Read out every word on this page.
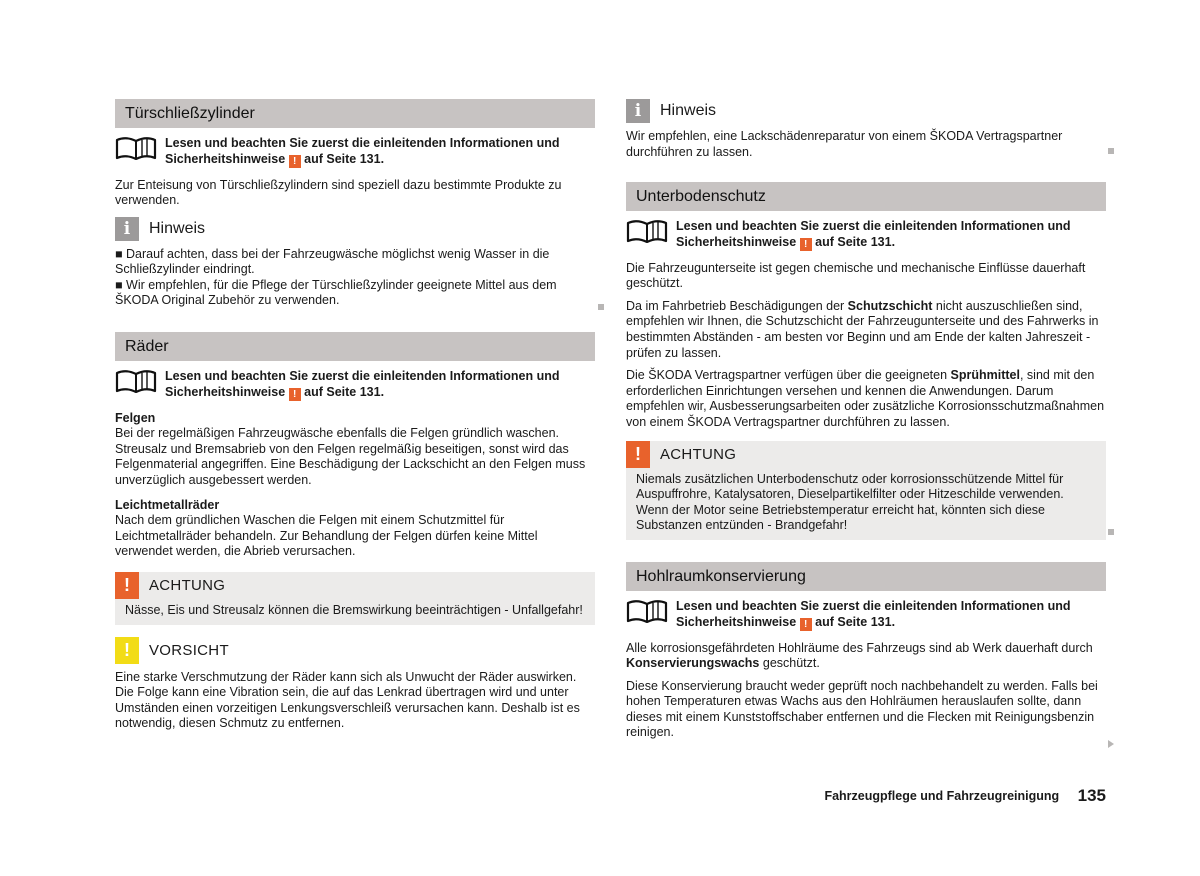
Türschließzylinder
Lesen und beachten Sie zuerst die einleitenden Informationen und
Sicherheitshinweise ! auf Seite 131.

Zur Enteisung von Türschließzylindern sind speziell dazu bestimmte Produkte zu verwenden.

i	Hinweis

■ Darauf achten, dass bei der Fahrzeugwäsche möglichst wenig Wasser in die Schließzylinder eindringt.

■ Wir empfehlen, für die Pflege der Türschließzylinder geeignete Mittel aus dem ŠKODA Original Zubehör zu verwenden.

Räder
Lesen und beachten Sie zuerst die einleitenden Informationen und
Sicherheitshinweise ! auf Seite 131.
Felgen

Bei der regelmäßigen Fahrzeugwäsche ebenfalls die Felgen gründlich waschen. Streusalz und Bremsabrieb von den Felgen regelmäßig beseitigen, sonst wird das Felgenmaterial angegriffen. Eine Beschädigung der Lackschicht an den Felgen muss unverzüglich ausgebessert werden.

Leichtmetallräder

Nach dem gründlichen Waschen die Felgen mit einem Schutzmittel für Leichtmetallräder behandeln. Zur Behandlung der Felgen dürfen keine Mittel verwendet werden, die Abrieb verursachen.

!	ACHTUNG
Nässe, Eis und Streusalz können die Bremswirkung beeinträchtigen - Unfallgefahr!
!	VORSICHT

Eine starke Verschmutzung der Räder kann sich als Unwucht der Räder auswirken. Die Folge kann eine Vibration sein, die auf das Lenkrad übertragen wird und unter Umständen einen vorzeitigen Lenkungsverschleiß verursachen kann. Deshalb ist es notwendig, diesen Schmutz zu entfernen.

i	Hinweis

Wir empfehlen, eine Lackschädenreparatur von einem ŠKODA Vertragspartner durchführen zu lassen.

Unterbodenschutz
Lesen und beachten Sie zuerst die einleitenden Informationen und
Sicherheitshinweise ! auf Seite 131.

Die Fahrzeugunterseite ist gegen chemische und mechanische Einflüsse dauerhaft geschützt.

Da im Fahrbetrieb Beschädigungen der Schutzschicht nicht auszuschließen sind, empfehlen wir Ihnen, die Schutzschicht der Fahrzeugunterseite und des Fahrwerks in bestimmten Abständen - am besten vor Beginn und am Ende der kalten Jahreszeit - prüfen zu lassen.

Die ŠKODA Vertragspartner verfügen über die geeigneten Sprühmittel, sind mit den erforderlichen Einrichtungen versehen und kennen die Anwendungen. Darum empfehlen wir, Ausbesserungsarbeiten oder zusätzliche Korrosionsschutzmaßnahmen von einem ŠKODA Vertragspartner durchführen zu lassen.

!	ACHTUNG
Niemals zusätzlichen Unterbodenschutz oder korrosionsschützende Mittel für Auspuffrohre, Katalysatoren, Dieselpartikelfilter oder Hitzeschilde verwenden. Wenn der Motor seine Betriebstemperatur erreicht hat, könnten sich diese Substanzen entzünden - Brandgefahr!
Hohlraumkonservierung
Lesen und beachten Sie zuerst die einleitenden Informationen und
Sicherheitshinweise ! auf Seite 131.

Alle korrosionsgefährdeten Hohlräume des Fahrzeugs sind ab Werk dauerhaft durch Konservierungswachs geschützt.

Diese Konservierung braucht weder geprüft noch nachbehandelt zu werden. Falls bei hohen Temperaturen etwas Wachs aus den Hohlräumen herauslaufen sollte, dann dieses mit einem Kunststoffschaber entfernen und die Flecken mit Reinigungsbenzin reinigen.

Fahrzeugpflege und Fahrzeugreinigung 135
